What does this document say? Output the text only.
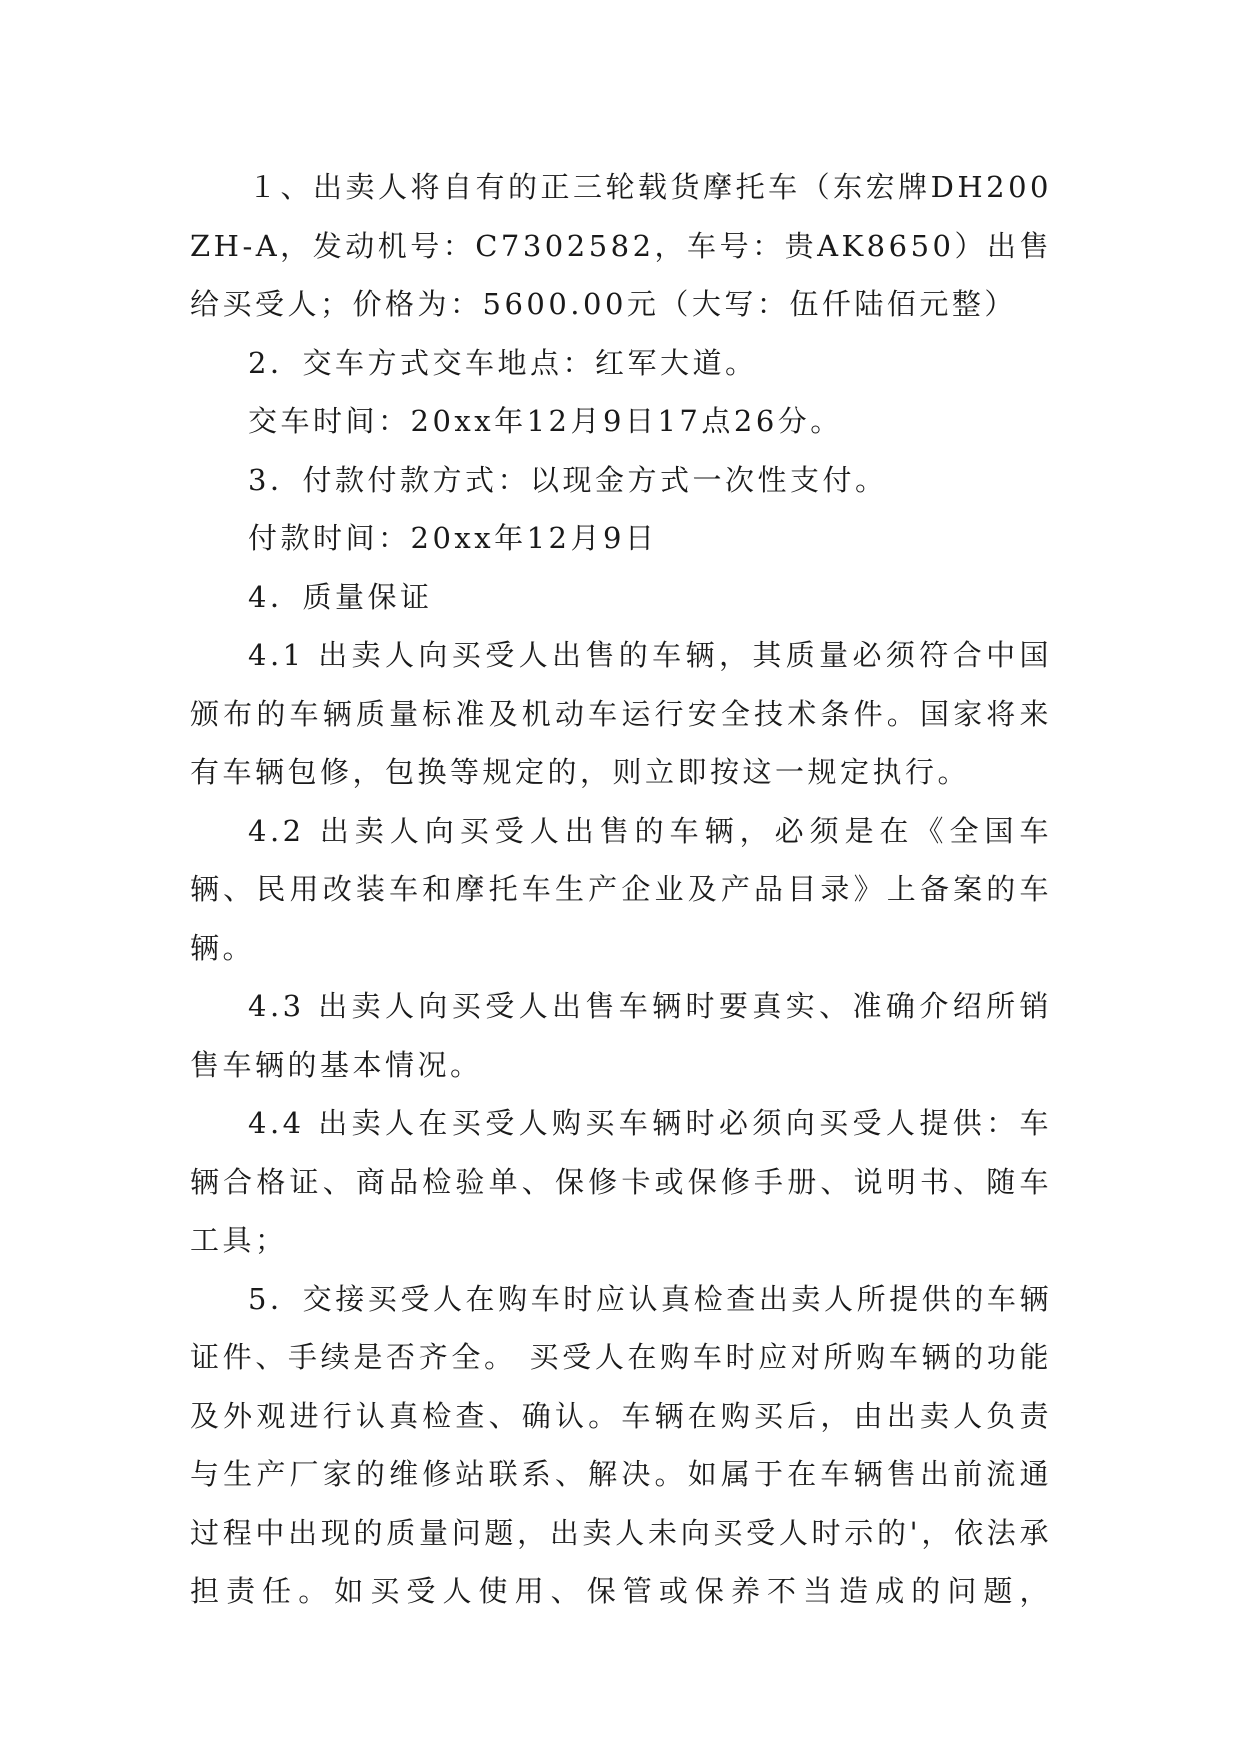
１、出卖人将自有的正三轮载货摩托车（东宏牌DH200ZH-A，发动机号：C7302582，车号：贵AK8650）出售给买受人；价格为：5600.00元（大写：伍仟陆佰元整）

2．交车方式交车地点：红军大道。

交车时间：20xx年12月9日17点26分。

3．付款付款方式：以现金方式一次性支付。

付款时间：20xx年12月9日

4．质量保证

4.1 出卖人向买受人出售的车辆，其质量必须符合中国颁布的车辆质量标准及机动车运行安全技术条件。国家将来有车辆包修，包换等规定的，则立即按这一规定执行。

4.2 出卖人向买受人出售的车辆，必须是在《全国车辆、民用改装车和摩托车生产企业及产品目录》上备案的车辆。

4.3 出卖人向买受人出售车辆时要真实、准确介绍所销售车辆的基本情况。

4.4 出卖人在买受人购买车辆时必须向买受人提供：车辆合格证、商品检验单、保修卡或保修手册、说明书、随车工具；

5．交接买受人在购车时应认真检查出卖人所提供的车辆证件、手续是否齐全。 买受人在购车时应对所购车辆的功能及外观进行认真检查、确认。车辆在购买后，由出卖人负责与生产厂家的维修站联系、解决。如属于在车辆售出前流通过程中出现的质量问题，出卖人未向买受人时示的'，依法承担责任。如买受人使用、保管或保养不当造成的问题，
